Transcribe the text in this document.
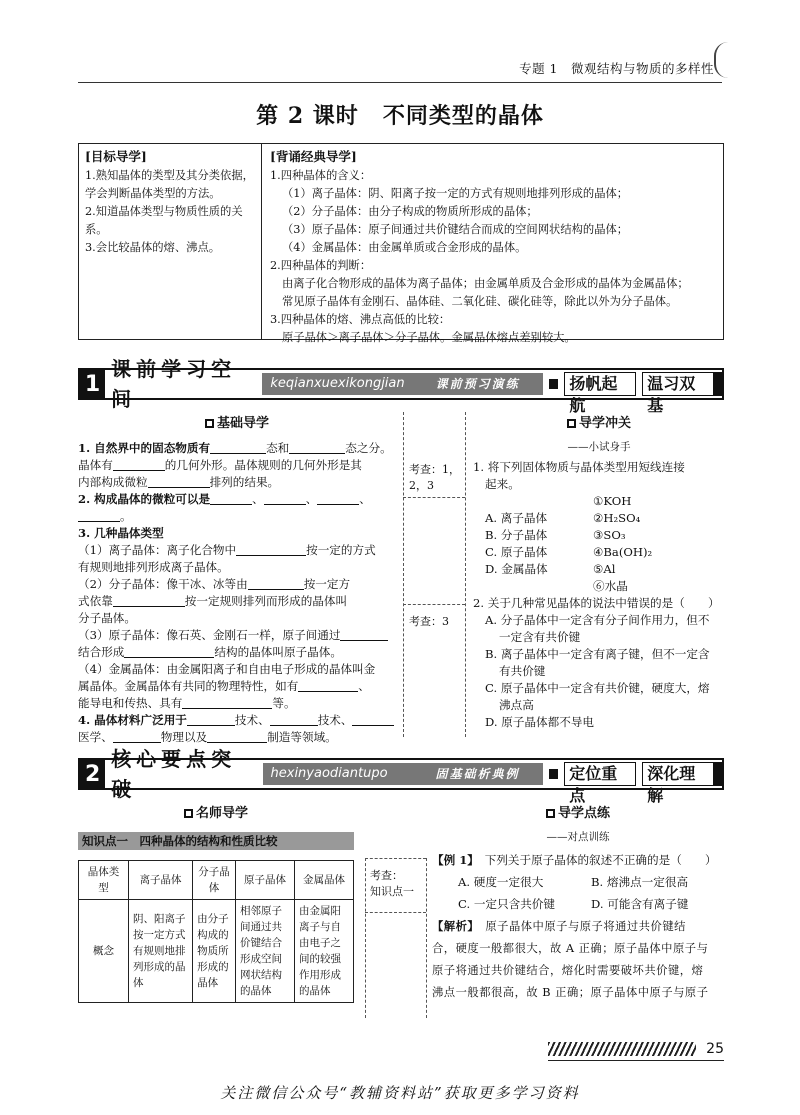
专题 1　微观结构与物质的多样性
第 2 课时 不同类型的晶体
[目标导学]

1.熟知晶体的类型及其分类依据，学会判断晶体类型的方法。

2.知道晶体类型与物质性质的关系。

3.会比较晶体的熔、沸点。

[背诵经典导学]

1.四种晶体的含义：

（1）离子晶体：阴、阳离子按一定的方式有规则地排列形成的晶体；

（2）分子晶体：由分子构成的物质所形成的晶体；

（3）原子晶体：原子间通过共价键结合而成的空间网状结构的晶体；

（4）金属晶体：由金属单质或合金形成的晶体。

2.四种晶体的判断：

由离子化合物形成的晶体为离子晶体；由金属单质及合金形成的晶体为金属晶体；

常见原子晶体有金刚石、晶体硅、二氧化硅、碳化硅等，除此以外为分子晶体。

3.四种晶体的熔、沸点高低的比较：

原子晶体＞离子晶体＞分子晶体。金属晶体熔点差别较大。

1
课前学习空间
keqianxuexikongjian	课前预习演练	扬帆起航
温习双基
基础导学

1. 自然界中的固态物质有	态和	态之分。

晶体有	的几何外形。晶体规则的几何外形是其

内部构成微粒	排列的结果。

2. 构成晶体的微粒可以是	、	、	、。

3. 几种晶体类型

（1）离子晶体：离子化合物中	按一定的方式

有规则地排列形成离子晶体。

（2）分子晶体：像干冰、冰等由	按一定方

式依靠	按一定规则排列而形成的晶体叫

分子晶体。

（3）原子晶体：像石英、金刚石一样，原子间通过

结合形成	结构的晶体叫原子晶体。

（4）金属晶体：由金属阳离子和自由电子形成的晶体叫金

属晶体。金属晶体有共同的物理特性，如有	、

能导电和传热、具有	等。

4. 晶体材料广泛用于	技术、	技术、

医学、	物理以及	制造等领域。

考查：1，
2，3
考查：3
导学冲关
——小试身手

1. 将下列固体物质与晶体类型用短线连接

起来。

①KOH
A. 离子晶体	②H₂SO₄
B. 分子晶体	③SO₃
C. 原子晶体	④Ba(OH)₂
D. 金属晶体	⑤Al
⑥水晶

2. 关于几种常见晶体的说法中错误的是（　　）

A. 分子晶体中一定含有分子间作用力，但不

一定含有共价键

B. 离子晶体中一定含有离子键，但不一定含

有共价键

C. 原子晶体中一定含有共价键，硬度大，熔

沸点高

D. 原子晶体都不导电

2
核心要点突破
hexinyaodiantupo	固基础析典例	定位重点
深化理解
名师导学
知识点一　四种晶体的结构和性质比较
晶体类型	离子晶体	分子晶体	原子晶体	金属晶体
概念	阴、阳离子按一定方式有规则地排列形成的晶体	由分子构成的物质所形成的晶体	相邻原子间通过共价键结合形成空间网状结构的晶体	由金属阳离子与自由电子之间的较强作用形成的晶体
考查：
知识点一
导学点练
——对点训练

【例 1】　 下列关于原子晶体的叙述不正确的是（　　）

A. 硬度一定很大	B. 熔沸点一定很高
C. 一定只含共价键	D. 可能含有离子键

【解析】　 原子晶体中原子与原子将通过共价键结

合，硬度一般都很大，故 A 正确；原子晶体中原子与

原子将通过共价键结合，熔化时需要破坏共价键，熔

沸点一般都很高，故 B 正确；原子晶体中原子与原子

25
关注微信公众号“教辅资料站”获取更多学习资料
